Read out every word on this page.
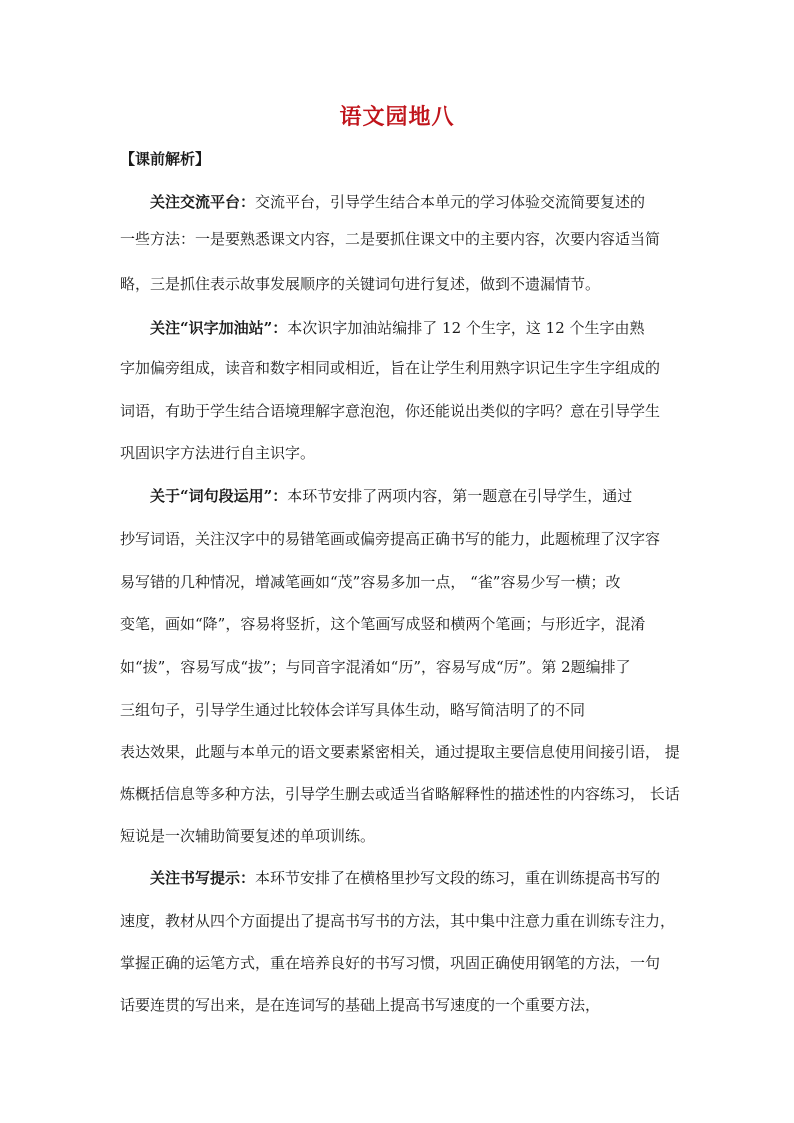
语文园地八

【课前解析】

关注交流平台：交流平台，引导学生结合本单元的学习体验交流简要复述的

一些方法：一是要熟悉课文内容，二是要抓住课文中的主要内容，次要内容适当简

略，三是抓住表示故事发展顺序的关键词句进行复述，做到不遗漏情节。

关注“识字加油站”：本次识字加油站编排了 12 个生字，这 12 个生字由熟

字加偏旁组成，读音和数字相同或相近，旨在让学生利用熟字识记生字生字组成的

词语，有助于学生结合语境理解字意泡泡，你还能说出类似的字吗？意在引导学生

巩固识字方法进行自主识字。

关于“词句段运用”：本环节安排了两项内容，第一题意在引导学生，通过

抄写词语，关注汉字中的易错笔画或偏旁提高正确书写的能力，此题梳理了汉字容

易写错的几种情况，增减笔画如“茂”容易多加一点， “雀”容易少写一横；改

变笔，画如“降”，容易将竖折，这个笔画写成竖和横两个笔画；与形近字，混淆

如“拔”，容易写成“拔”；与同音字混淆如“历”，容易写成“厉”。第 2题编排了

三组句子，引导学生通过比较体会详写具体生动，略写简洁明了的不同

表达效果，此题与本单元的语文要素紧密相关，通过提取主要信息使用间接引语， 提

炼概括信息等多种方法，引导学生删去或适当省略解释性的描述性的内容练习， 长话

短说是一次辅助简要复述的单项训练。

关注书写提示：本环节安排了在横格里抄写文段的练习，重在训练提高书写的

速度，教材从四个方面提出了提高书写书的方法，其中集中注意力重在训练专注力，

掌握正确的运笔方式，重在培养良好的书写习惯，巩固正确使用钢笔的方法，一句

话要连贯的写出来，是在连词写的基础上提高书写速度的一个重要方法，
